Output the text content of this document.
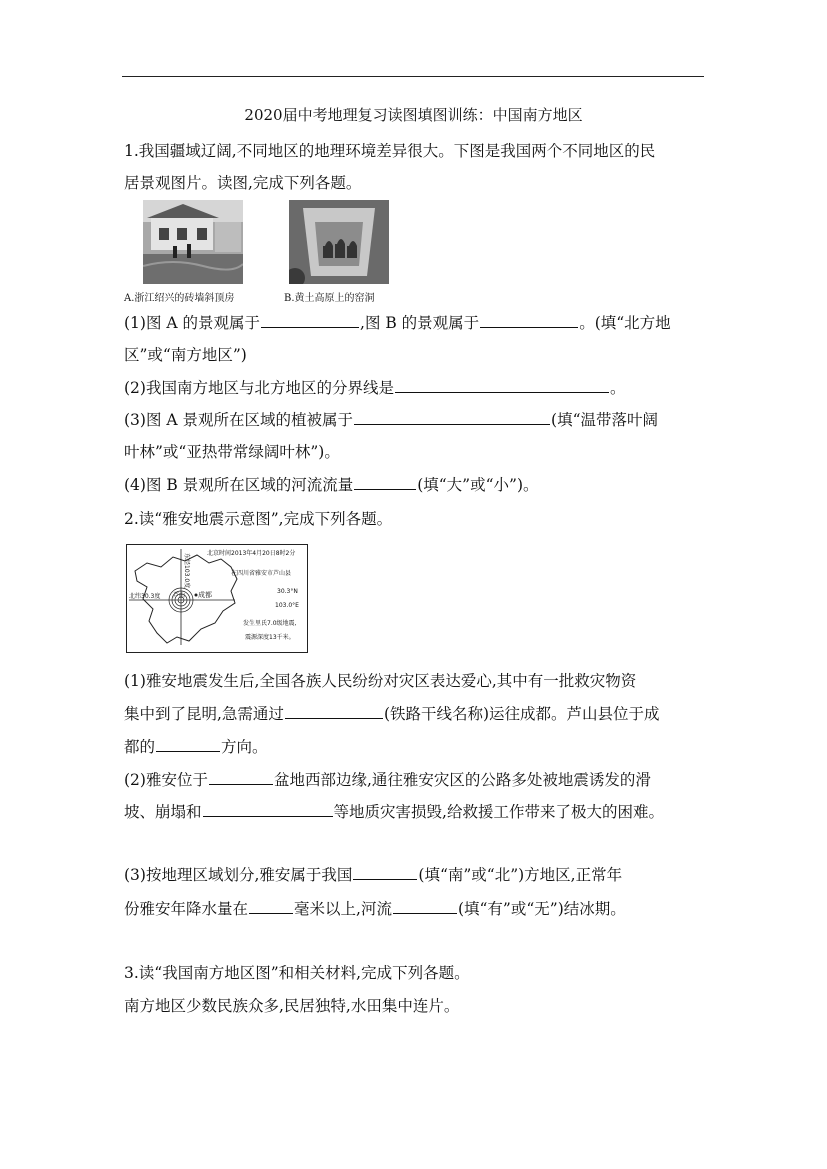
2020届中考地理复习读图填图训练：中国南方地区
1.我国疆域辽阔,不同地区的地理环境差异很大。下图是我国两个不同地区的民
居景观图片。读图,完成下列各题。
A.浙江绍兴的砖墙斜顶房	B.黄土高原上的窑洞
(1)图 A 的景观属于	,图 B 的景观属于	。(填“北方地
区”或“南方地区”)
(2)我国南方地区与北方地区的分界线是	。
(3)图 A 景观所在区域的植被属于	(填“温带落叶阔
叶林”或“亚热带常绿阔叶林”)。
(4)图 B 景观所在区域的河流流量	(填“大”或“小”)。
2.读“雅安地震示意图”,完成下列各题。
北纬30.3度
东经103.0度
成都
芦山
北京时间2013年4月20日8时2分
在四川省雅安市芦山县
30.3°N
103.0°E
发生里氏7.0级地震,
震源深度13千米。
(1)雅安地震发生后,全国各族人民纷纷对灾区表达爱心,其中有一批救灾物资
集中到了昆明,急需通过	(铁路干线名称)运往成都。芦山县位于成
都的	方向。
(2)雅安位于	盆地西部边缘,通往雅安灾区的公路多处被地震诱发的滑
坡、崩塌和	等地质灾害损毁,给救援工作带来了极大的困难。
(3)按地理区域划分,雅安属于我国	(填“南”或“北”)方地区,正常年
份雅安年降水量在	毫米以上,河流	(填“有”或“无”)结冰期。
3.读“我国南方地区图”和相关材料,完成下列各题。
南方地区少数民族众多,民居独特,水田集中连片。
